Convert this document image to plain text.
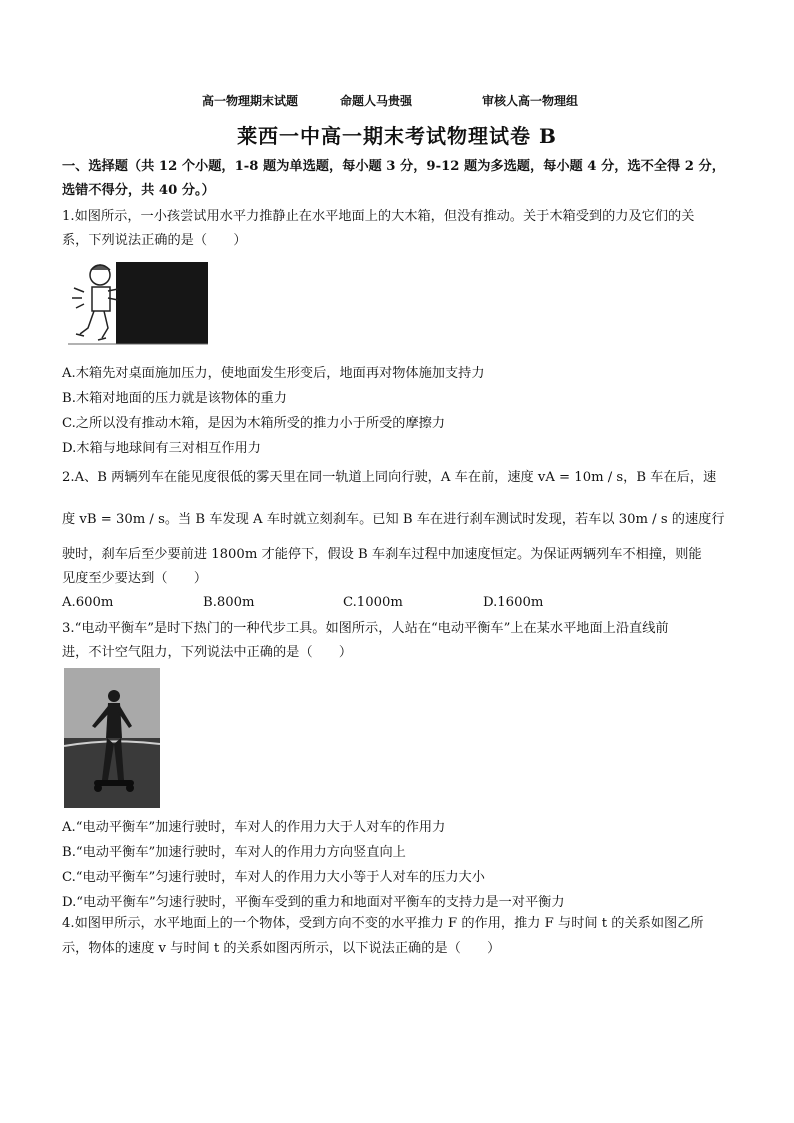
高一物理期末试题	命题人马贵强	审核人高一物理组
莱西一中高一期末考试物理试卷 B
一、选择题（共 12 个小题，1-8 题为单选题，每小题 3 分，9-12 题为多选题，每小题 4 分，选不全得 2 分，
选错不得分，共 40 分。）
1.如图所示，一小孩尝试用水平力推静止在水平地面上的大木箱，但没有推动。关于木箱受到的力及它们的关
系，下列说法正确的是（　　）
A.木箱先对桌面施加压力，使地面发生形变后，地面再对物体施加支持力
B.木箱对地面的压力就是该物体的重力
C.之所以没有推动木箱，是因为木箱所受的推力小于所受的摩擦力
D.木箱与地球间有三对相互作用力
2.A、B 两辆列车在能见度很低的雾天里在同一轨道上同向行驶，A 车在前，速度 vA = 10m / s，B 车在后，速
度 vB = 30m / s。当 B 车发现 A 车时就立刻刹车。已知 B 车在进行刹车测试时发现，若车以 30m / s 的速度行
驶时，刹车后至少要前进 1800m 才能停下，假设 B 车刹车过程中加速度恒定。为保证两辆列车不相撞，则能
见度至少要达到（　　）
A.600m	B.800m	C.1000m	D.1600m
3.“电动平衡车”是时下热门的一种代步工具。如图所示，人站在“电动平衡车”上在某水平地面上沿直线前
进，不计空气阻力，下列说法中正确的是（　　）
A.“电动平衡车”加速行驶时，车对人的作用力大于人对车的作用力
B.“电动平衡车”加速行驶时，车对人的作用力方向竖直向上
C.“电动平衡车”匀速行驶时，车对人的作用力大小等于人对车的压力大小
D.“电动平衡车”匀速行驶时，平衡车受到的重力和地面对平衡车的支持力是一对平衡力
4.如图甲所示，水平地面上的一个物体，受到方向不变的水平推力 F 的作用，推力 F 与时间 t 的关系如图乙所
示，物体的速度 v 与时间 t 的关系如图丙所示，以下说法正确的是（　　）
